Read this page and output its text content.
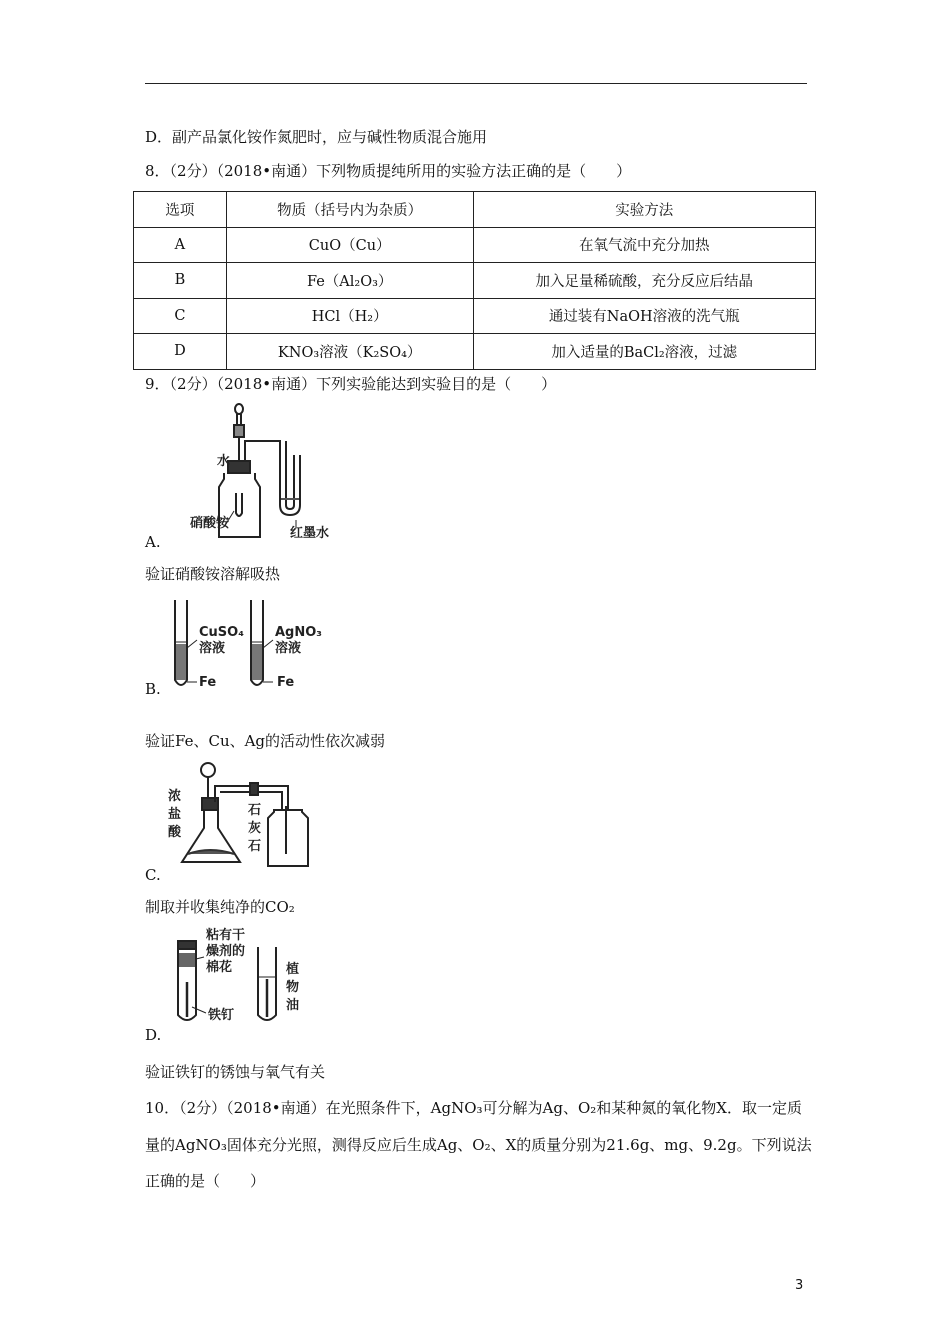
D．副产品氯化铵作氮肥时，应与碱性物质混合施用
8．（2分）（2018•南通）下列物质提纯所用的实验方法正确的是（　　）
选项	物质（括号内为杂质）	实验方法
A	CuO（Cu）	在氧气流中充分加热
B	Fe（Al₂O₃）	加入足量稀硫酸，充分反应后结晶
C	HCl（H₂）	通过装有NaOH溶液的洗气瓶
D	KNO₃溶液（K₂SO₄）	加入适量的BaCl₂溶液，过滤
9．（2分）（2018•南通）下列实验能达到实验目的是（　　）
水
硝酸铵
红墨水
A.
验证硝酸铵溶解吸热
CuSO₄
溶液
Fe
AgNO₃
溶液
Fe
B.
验证Fe、Cu、Ag的活动性依次减弱
浓
盐
酸
石
灰
石
C.
制取并收集纯净的CO₂
粘有干
燥剂的
棉花
铁钉
植
物
油
D.
验证铁钉的锈蚀与氧气有关
10．（2分）（2018•南通）在光照条件下，AgNO₃可分解为Ag、O₂和某种氮的氧化物X．取一定质
量的AgNO₃固体充分光照，测得反应后生成Ag、O₂、X的质量分别为21.6g、mg、9.2g。下列说法
正确的是（　　）
3
